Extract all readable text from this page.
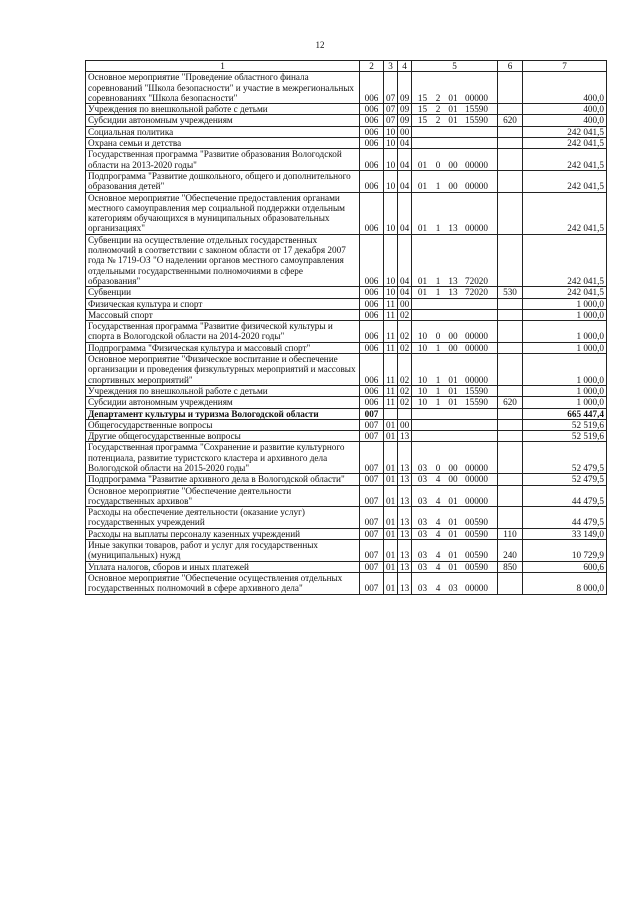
12
1	2	3	4	5	6	7
Основное мероприятие "Проведение областного финала соревнований "Школа безопасности" и участие в межрегиональных соревнованиях "Школа безопасности"	006	07	09	15 2 01 00000		400,0
Учреждения по внешкольной работе с детьми	006	07	09	15 2 01 15590		400,0
Субсидии автономным учреждениям	006	07	09	15 2 01 15590	620	400,0
Социальная политика	006	10	00			242 041,5
Охрана семьи и детства	006	10	04			242 041,5
Государственная программа "Развитие образования Вологодской области на 2013-2020 годы"	006	10	04	01 0 00 00000		242 041,5
Подпрограмма "Развитие дошкольного, общего и дополнительного образования детей"	006	10	04	01 1 00 00000		242 041,5
Основное мероприятие "Обеспечение предоставления органами местного самоуправления мер социальной поддержки отдельным категориям обучающихся в муниципальных образовательных организациях"	006	10	04	01 1 13 00000		242 041,5
Субвенции на осуществление отдельных государственных полномочий в соответствии с законом области от 17 декабря 2007 года № 1719-ОЗ "О наделении органов местного самоуправления отдельными государственными полномочиями в сфере образования"	006	10	04	01 1 13 72020		242 041,5
Субвенции	006	10	04	01 1 13 72020	530	242 041,5
Физическая культура и спорт	006	11	00			1 000,0
Массовый спорт	006	11	02			1 000,0
Государственная программа "Развитие физической культуры и спорта в Вологодской области на 2014-2020 годы"	006	11	02	10 0 00 00000		1 000,0
Подпрограмма "Физическая культура и массовый спорт"	006	11	02	10 1 00 00000		1 000,0
Основное мероприятие "Физическое воспитание и обеспечение организации и проведения физкультурных мероприятий и массовых спортивных мероприятий"	006	11	02	10 1 01 00000		1 000,0
Учреждения по внешкольной работе с детьми	006	11	02	10 1 01 15590		1 000,0
Субсидии автономным учреждениям	006	11	02	10 1 01 15590	620	1 000,0
Департамент культуры и туризма Вологодской области	007					665 447,4
Общегосударственные вопросы	007	01	00			52 519,6
Другие общегосударственные вопросы	007	01	13			52 519,6
Государственная программа "Сохранение и развитие культурного потенциала, развитие туристского кластера и архивного дела Вологодской области на 2015-2020 годы"	007	01	13	03 0 00 00000		52 479,5
Подпрограмма "Развитие архивного дела в Вологодской области"	007	01	13	03 4 00 00000		52 479,5
Основное мероприятие "Обеспечение деятельности государственных архивов"	007	01	13	03 4 01 00000		44 479,5
Расходы на обеспечение деятельности (оказание услуг) государственных учреждений	007	01	13	03 4 01 00590		44 479,5
Расходы на выплаты персоналу казенных учреждений	007	01	13	03 4 01 00590	110	33 149,0
Иные закупки товаров, работ и услуг для государственных (муниципальных) нужд	007	01	13	03 4 01 00590	240	10 729,9
Уплата налогов, сборов и иных платежей	007	01	13	03 4 01 00590	850	600,6
Основное мероприятие "Обеспечение осуществления отдельных государственных полномочий в сфере архивного дела"	007	01	13	03 4 03 00000		8 000,0
